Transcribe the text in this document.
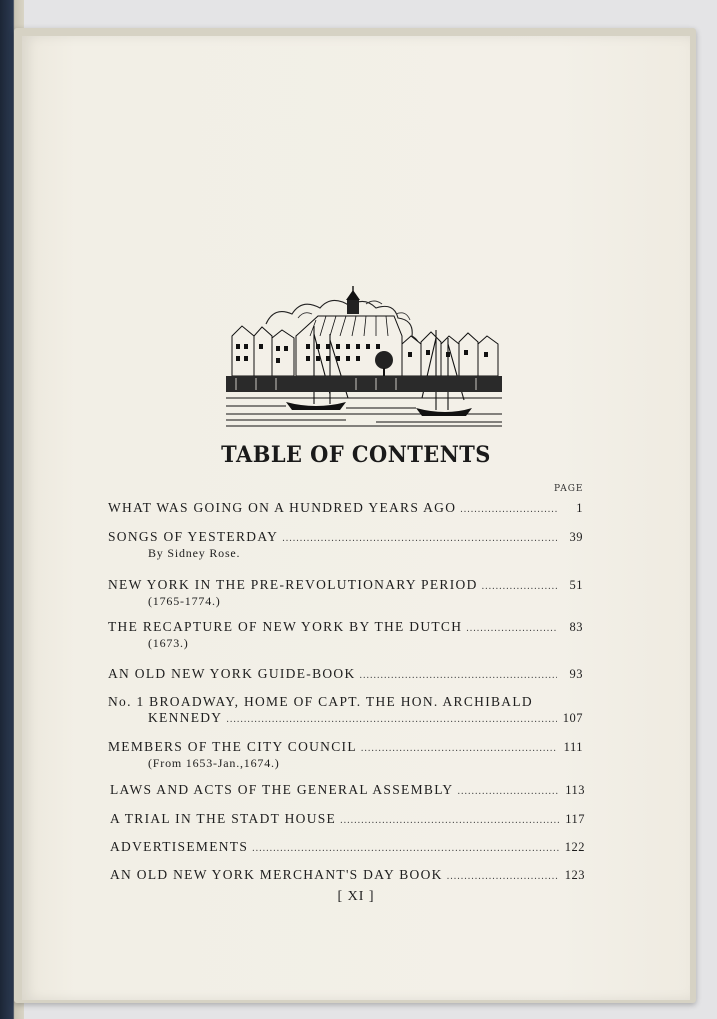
TABLE OF CONTENTS
PAGE
WHAT WAS GOING ON A HUNDRED YEARS AGO .....	1
SONGS OF YESTERDAY .....	39
By Sidney Rose.
NEW YORK IN THE PRE-REVOLUTIONARY PERIOD .....	51
(1765-1774.)
THE RECAPTURE OF NEW YORK BY THE DUTCH .....	83
(1673.)
AN OLD NEW YORK GUIDE-BOOK .....	93
No. 1 BROADWAY, HOME OF CAPT. THE HON. ARCHIBALD
KENNEDY .....	107
MEMBERS OF THE CITY COUNCIL .....	111
(From 1653-Jan.,1674.)
LAWS AND ACTS OF THE GENERAL ASSEMBLY .....	113
A TRIAL IN THE STADT HOUSE .....	117
ADVERTISEMENTS .....	122
AN OLD NEW YORK MERCHANT'S DAY BOOK .....	123
[ XI ]
